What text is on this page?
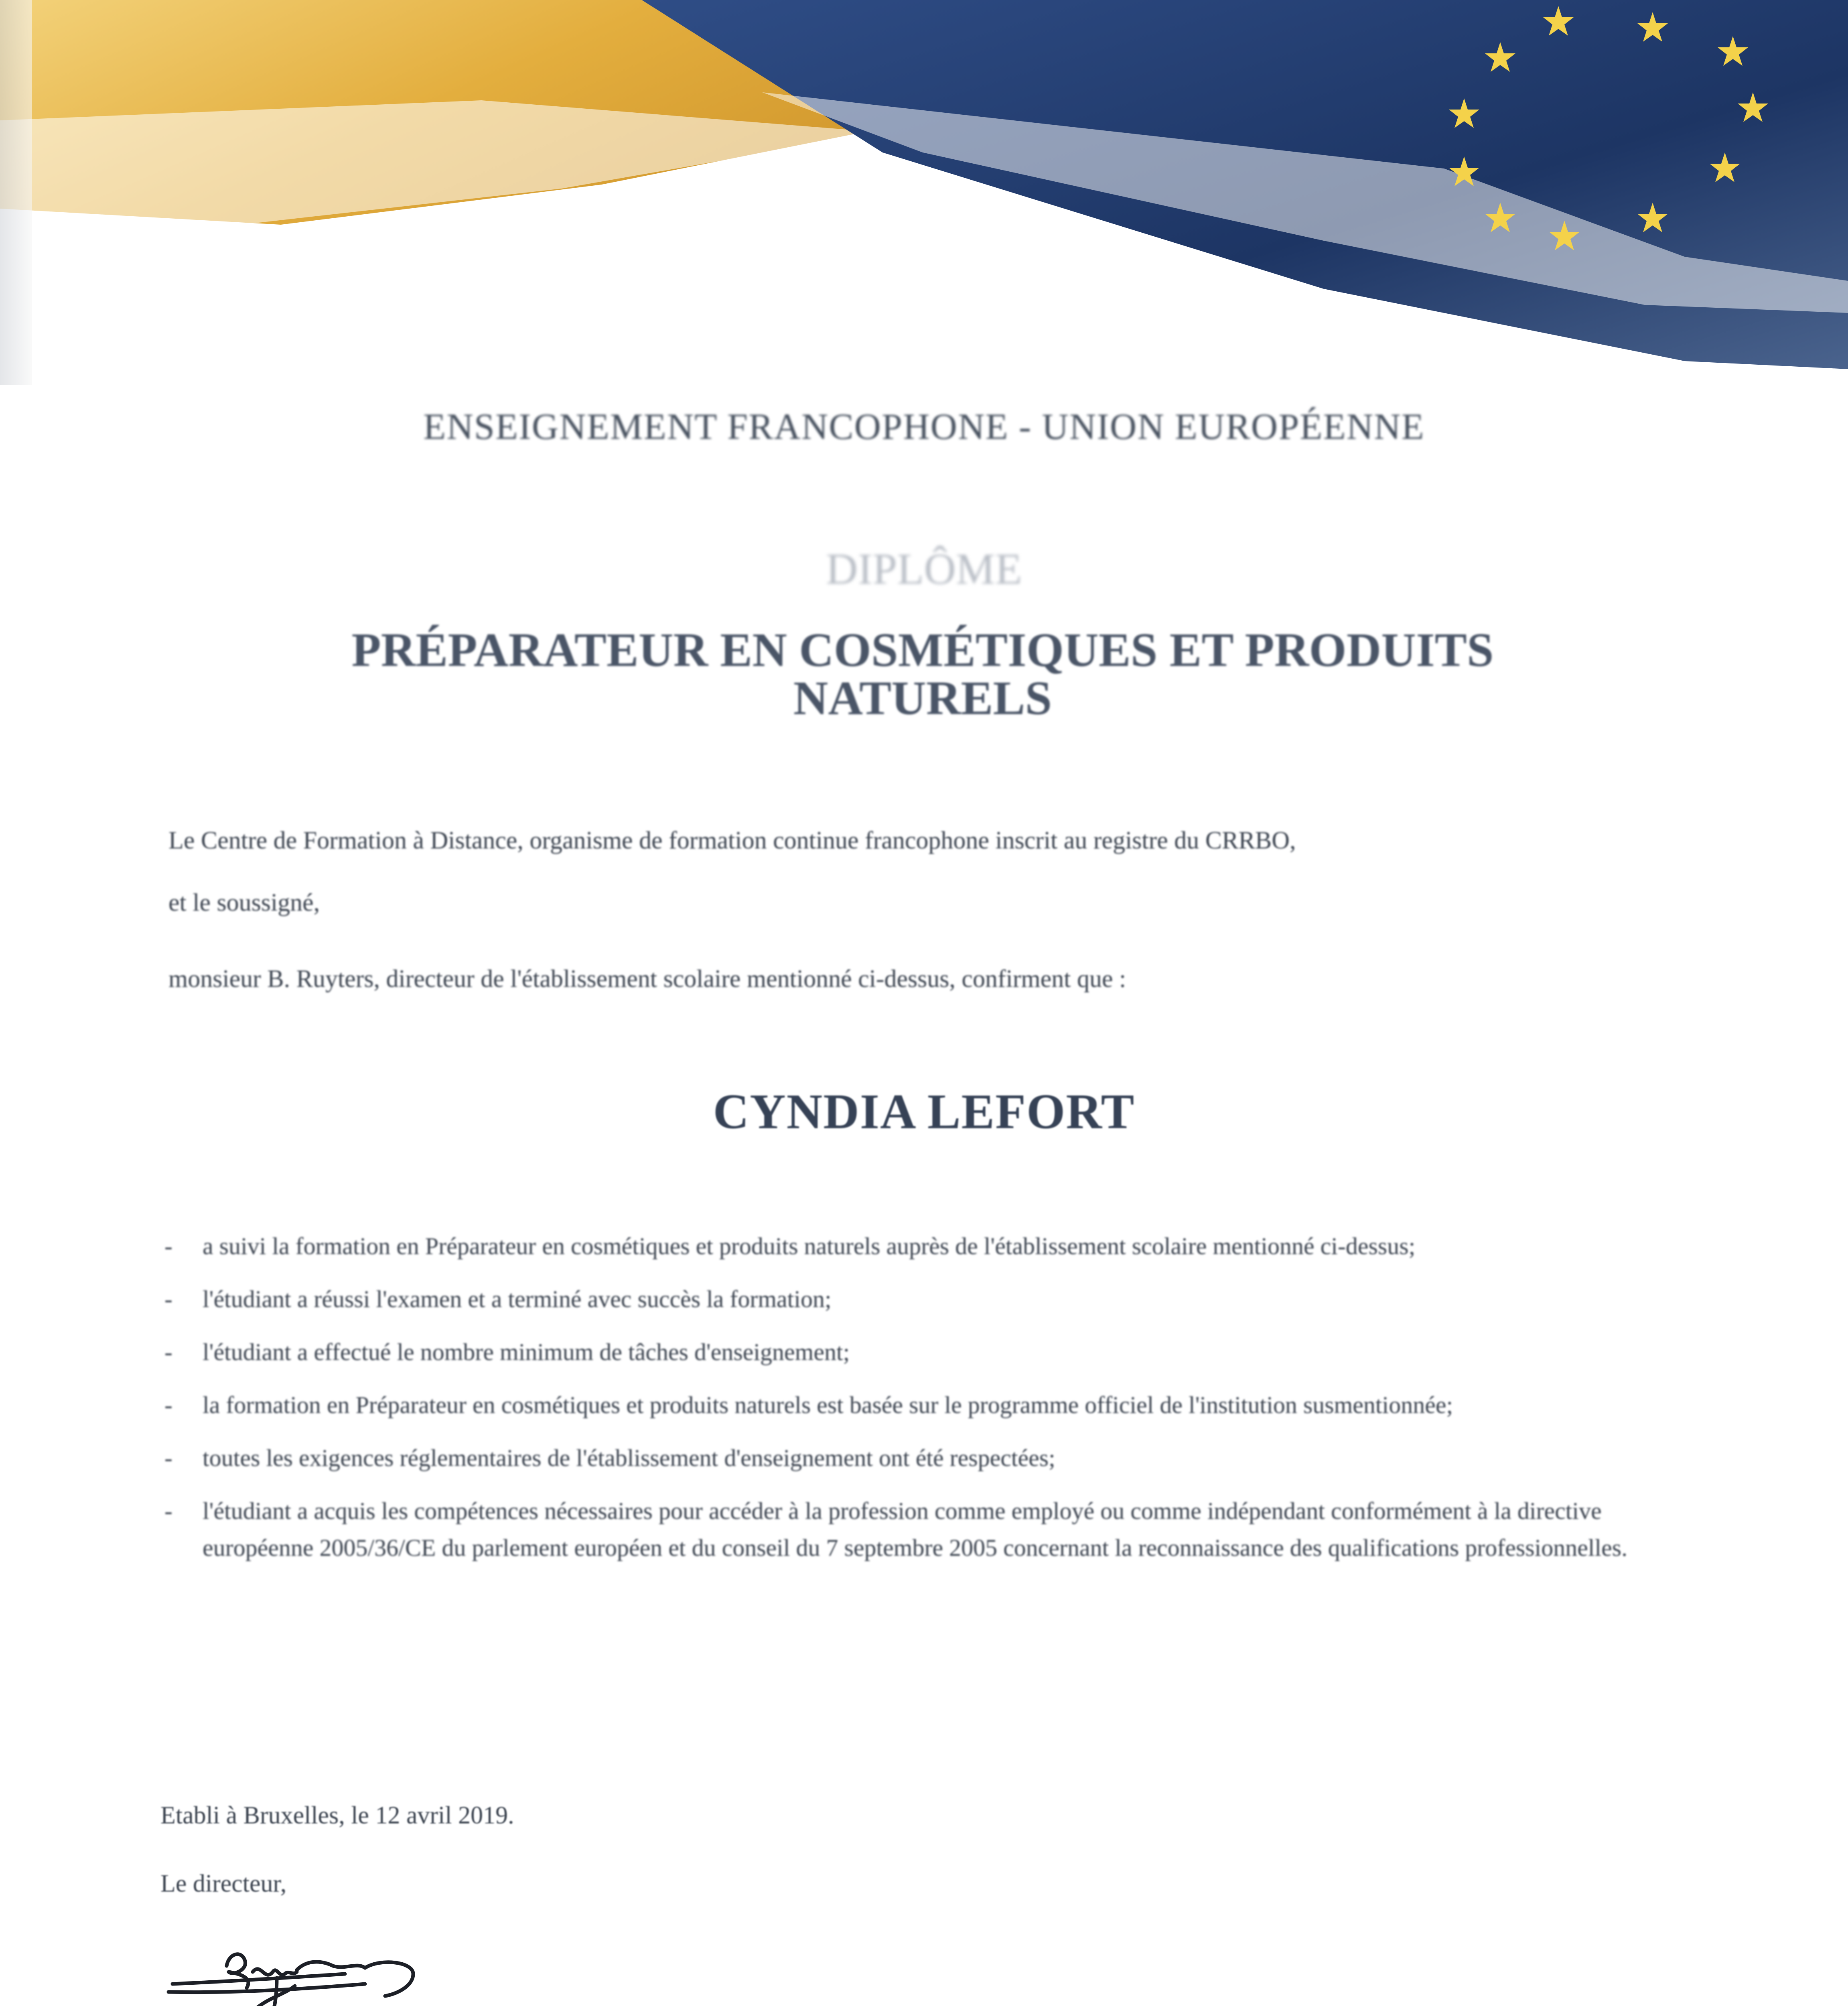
ENSEIGNEMENT FRANCOPHONE - UNION EUROPÉENNE
DIPLÔME
PRÉPARATEUR EN COSMÉTIQUES ET PRODUITS NATURELS
Le Centre de Formation à Distance, organisme de formation continue francophone inscrit au registre du CRRBO,
et le soussigné,
monsieur B. Ruyters, directeur de l'établissement scolaire mentionné ci-dessus, confirment que :
CYNDIA LEFORT
- a suivi la formation en Préparateur en cosmétiques et produits naturels auprès de l'établissement scolaire mentionné ci-dessus;
- l'étudiant a réussi l'examen et a terminé avec succès la formation;
- l'étudiant a effectué le nombre minimum de tâches d'enseignement;
- la formation en Préparateur en cosmétiques et produits naturels est basée sur le programme officiel de l'institution susmentionnée;
- toutes les exigences réglementaires de l'établissement d'enseignement ont été respectées;
- l'étudiant a acquis les compétences nécessaires pour accéder à la profession comme employé ou comme indépendant conformément à la directive européenne 2005/36/CE du parlement européen et du conseil du 7 septembre 2005 concernant la reconnaissance des qualifications professionnelles.
Etabli à Bruxelles, le 12 avril 2019.
Le directeur,
